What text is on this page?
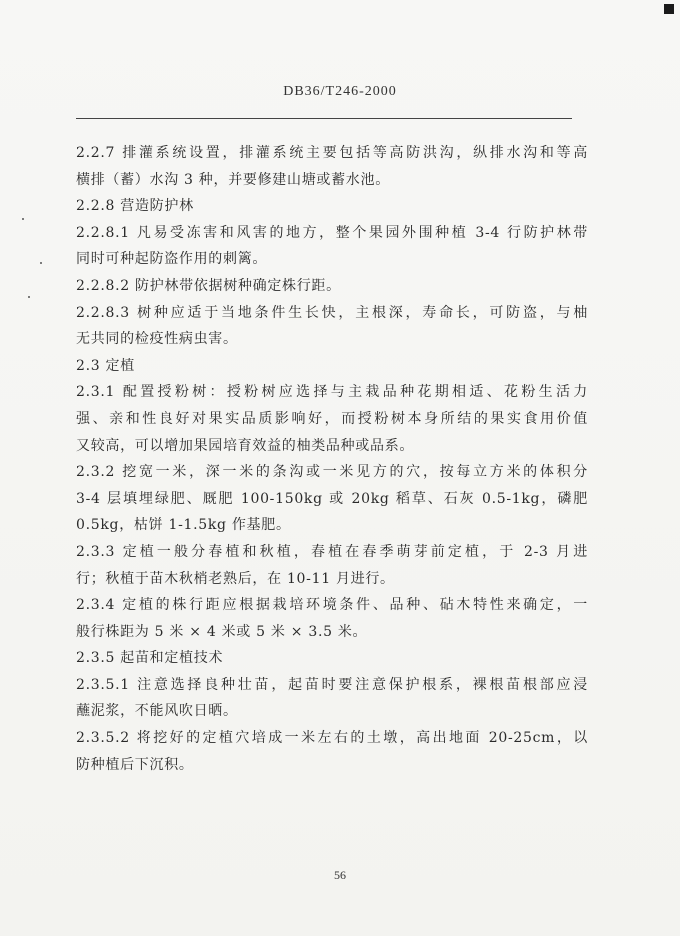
DB36/T246-2000
2.2.7 排灌系统设置，排灌系统主要包括等高防洪沟，纵排水沟和等高
横排（蓄）水沟 3 种，并要修建山塘或蓄水池。
2.2.8 营造防护林
2.2.8.1 凡易受冻害和风害的地方，整个果园外围种植 3-4 行防护林带
同时可种起防盗作用的刺篱。
2.2.8.2 防护林带依据树种确定株行距。
2.2.8.3 树种应适于当地条件生长快，主根深，寿命长，可防盗，与柚
无共同的检疫性病虫害。
2.3 定植
2.3.1 配置授粉树：授粉树应选择与主栽品种花期相适、花粉生活力
强、亲和性良好对果实品质影响好，而授粉树本身所结的果实食用价值
又较高，可以增加果园培育效益的柚类品种或品系。
2.3.2 挖宽一米，深一米的条沟或一米见方的穴，按每立方米的体积分
3-4 层填埋绿肥、厩肥 100-150kg 或 20kg 稻草、石灰 0.5-1kg，磷肥
0.5kg，枯饼 1-1.5kg 作基肥。
2.3.3 定植一般分春植和秋植，春植在春季萌芽前定植，于 2-3 月进
行；秋植于苗木秋梢老熟后，在 10-11 月进行。
2.3.4 定植的株行距应根据栽培环境条件、品种、砧木特性来确定，一
般行株距为 5 米 × 4 米或 5 米 × 3.5 米。
2.3.5 起苗和定植技术
2.3.5.1 注意选择良种壮苗，起苗时要注意保护根系，裸根苗根部应浸
蘸泥浆，不能风吹日晒。
2.3.5.2 将挖好的定植穴培成一米左右的土墩，高出地面 20-25cm，以
防种植后下沉积。
56
